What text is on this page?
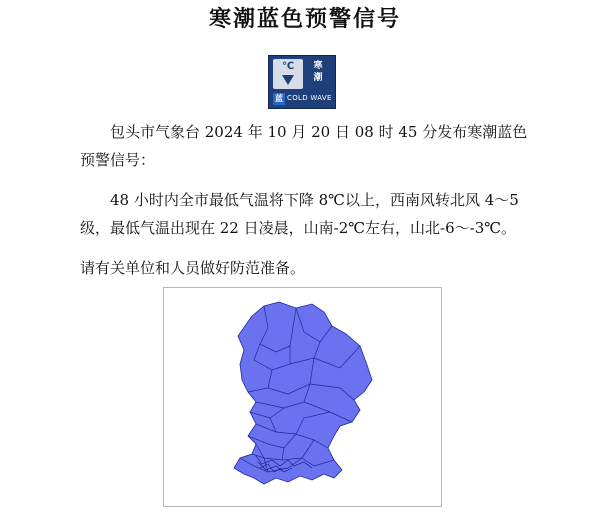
寒潮蓝色预警信号
℃	寒
潮
蓝 COLD WAVE
包头市气象台 2024 年 10 月 20 日 08 时 45 分发布寒潮蓝色预警信号：
48 小时内全市最低气温将下降 8℃以上，西南风转北风 4～5 级，最低气温出现在 22 日凌晨，山南-2℃左右，山北-6～-3℃。
请有关单位和人员做好防范准备。
